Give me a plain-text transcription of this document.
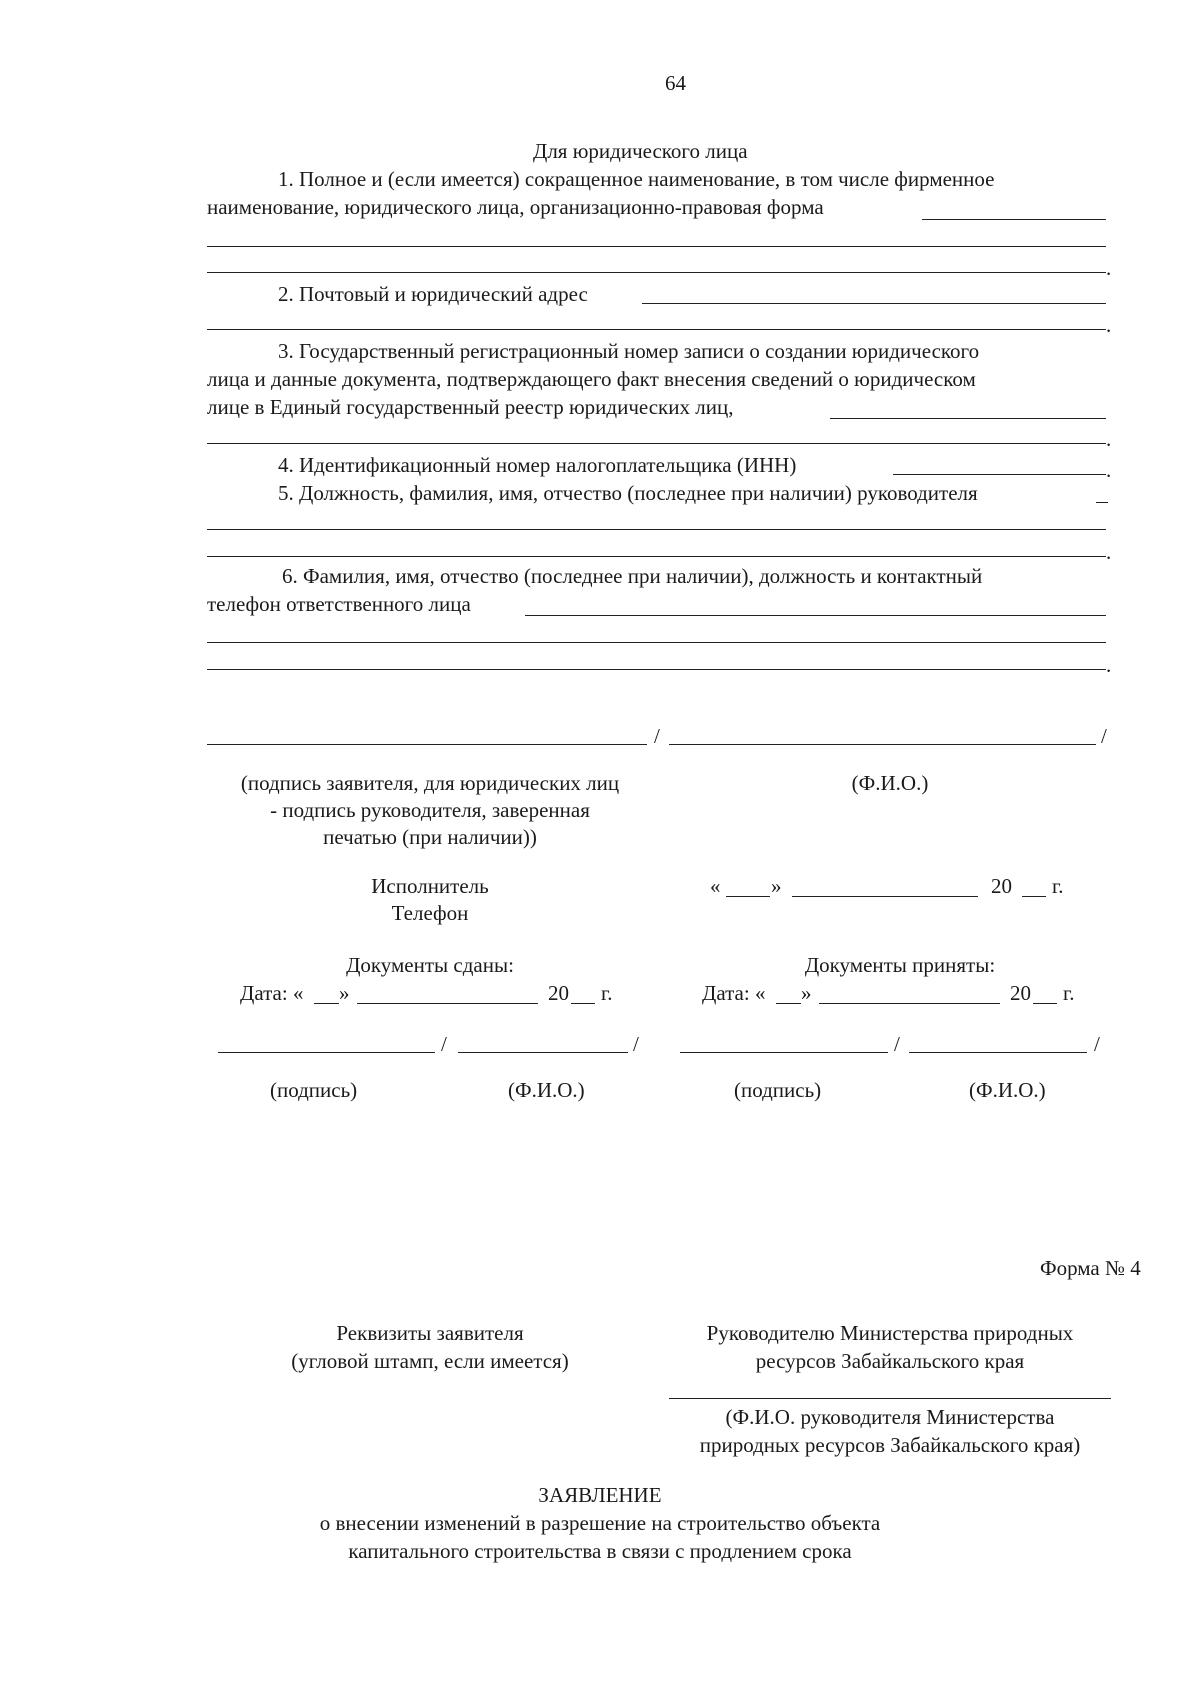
64
Для юридического лица
1. Полное и (если имеется) сокращенное наименование, в том числе фирменное
наименование, юридического лица, организационно-правовая форма
.
2. Почтовый и юридический адрес
.
3. Государственный регистрационный номер записи о создании юридического
лица и данные документа, подтверждающего факт внесения сведений о юридическом
лице в Единый государственный реестр юридических лиц,
.
4. Идентификационный номер налогоплательщика (ИНН)	.
5. Должность, фамилия, имя, отчество (последнее при наличии) руководителя
.
6. Фамилия, имя, отчество (последнее при наличии), должность и контактный
телефон ответственного лица
.
/	/
(подпись заявителя, для юридических лиц
- подпись руководителя, заверенная
печатью (при наличии))
(Ф.И.О.)
Исполнитель
Телефон
« »	20 г.
Документы сданы:	Документы приняты:
Дата: « »	20 г.	Дата: « »	20 г.
/	/	/	/
(подпись)	(Ф.И.О.)	(подпись)	(Ф.И.О.)
Форма № 4
Реквизиты заявителя
(угловой штамп, если имеется)
Руководителю Министерства природных
ресурсов Забайкальского края
(Ф.И.О. руководителя Министерства
природных ресурсов Забайкальского края)
ЗАЯВЛЕНИЕ
о внесении изменений в разрешение на строительство объекта
капитального строительства в связи с продлением срока
